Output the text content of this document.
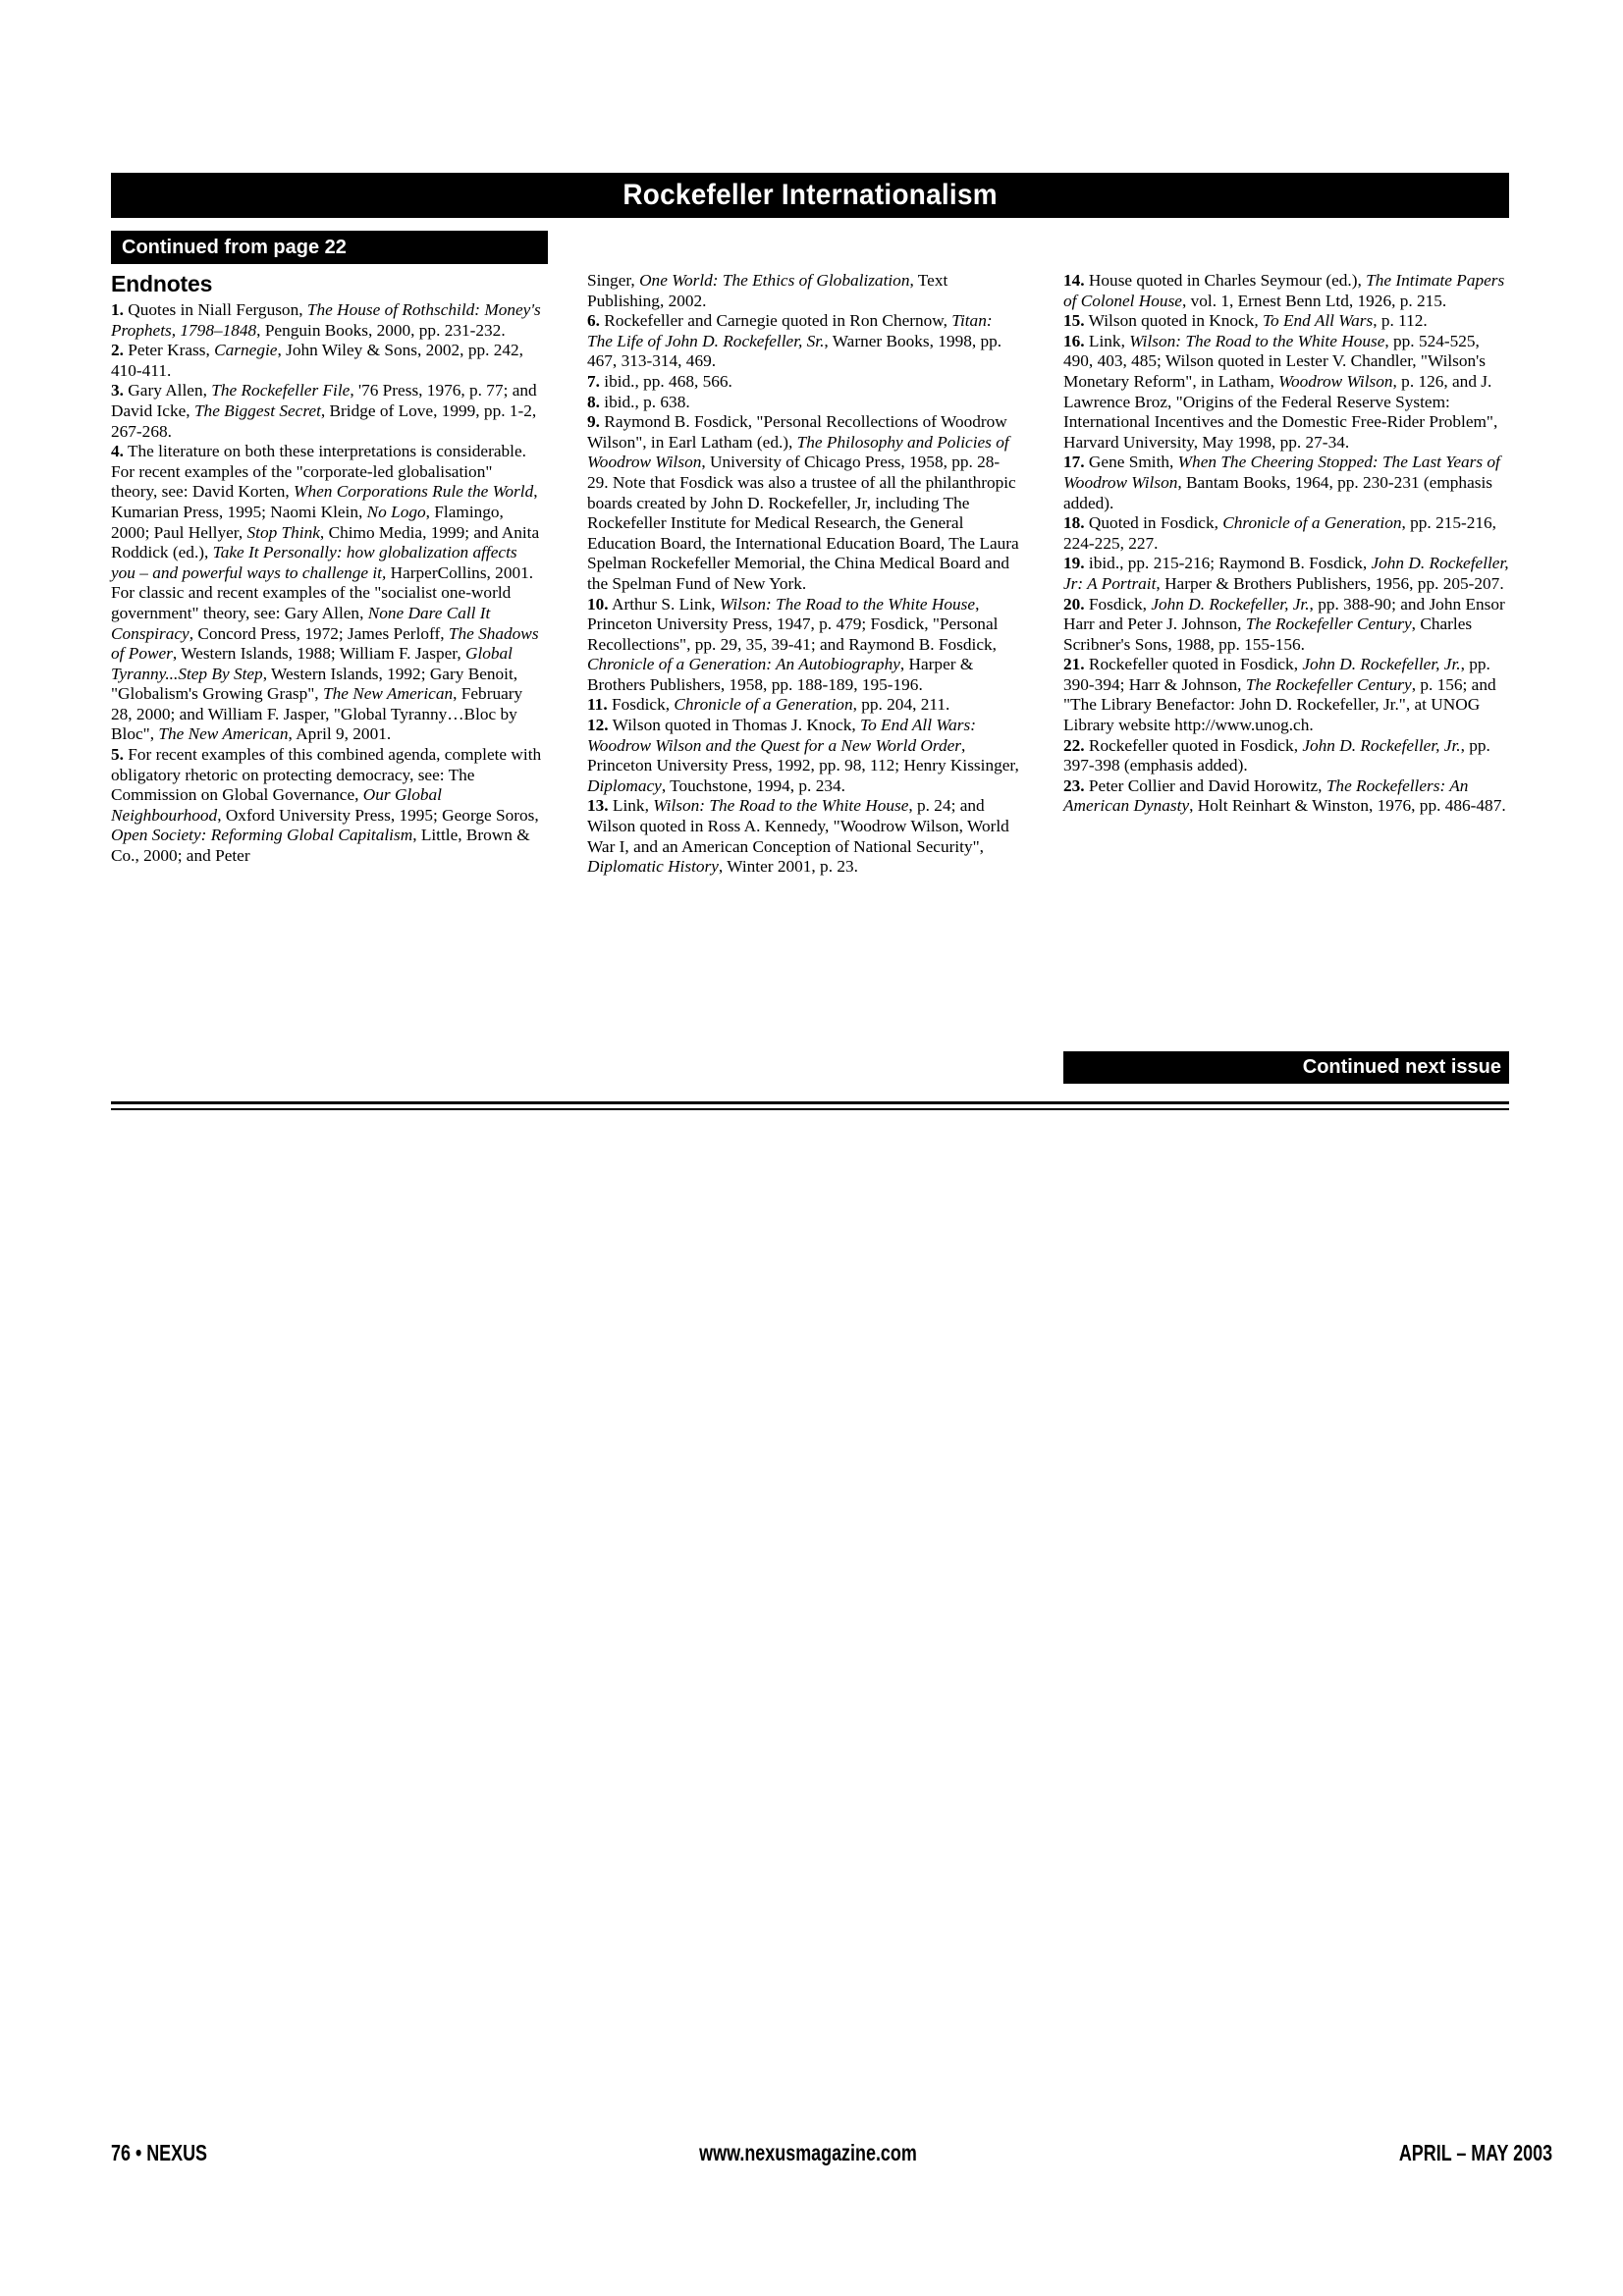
Rockefeller Internationalism
Continued from page 22
Endnotes
1. Quotes in Niall Ferguson, The House of Rothschild: Money's Prophets, 1798–1848, Penguin Books, 2000, pp. 231-232.
2. Peter Krass, Carnegie, John Wiley & Sons, 2002, pp. 242, 410-411.
3. Gary Allen, The Rockefeller File, '76 Press, 1976, p. 77; and David Icke, The Biggest Secret, Bridge of Love, 1999, pp. 1-2, 267-268.
4. The literature on both these interpretations is considerable. For recent examples of the "corporate-led globalisation" theory, see: David Korten, When Corporations Rule the World, Kumarian Press, 1995; Naomi Klein, No Logo, Flamingo, 2000; Paul Hellyer, Stop Think, Chimo Media, 1999; and Anita Roddick (ed.), Take It Personally: how globalization affects you – and powerful ways to challenge it, HarperCollins, 2001. For classic and recent examples of the "socialist one-world government" theory, see: Gary Allen, None Dare Call It Conspiracy, Concord Press, 1972; James Perloff, The Shadows of Power, Western Islands, 1988; William F. Jasper, Global Tyranny...Step By Step, Western Islands, 1992; Gary Benoit, "Globalism's Growing Grasp", The New American, February 28, 2000; and William F. Jasper, "Global Tyranny…Bloc by Bloc", The New American, April 9, 2001.
5. For recent examples of this combined agenda, complete with obligatory rhetoric on protecting democracy, see: The Commission on Global Governance, Our Global Neighbourhood, Oxford University Press, 1995; George Soros, Open Society: Reforming Global Capitalism, Little, Brown & Co., 2000; and Peter
Singer, One World: The Ethics of Globalization, Text Publishing, 2002.
6. Rockefeller and Carnegie quoted in Ron Chernow, Titan: The Life of John D. Rockefeller, Sr., Warner Books, 1998, pp. 467, 313-314, 469.
7. ibid., pp. 468, 566.
8. ibid., p. 638.
9. Raymond B. Fosdick, "Personal Recollections of Woodrow Wilson", in Earl Latham (ed.), The Philosophy and Policies of Woodrow Wilson, University of Chicago Press, 1958, pp. 28-29. Note that Fosdick was also a trustee of all the philanthropic boards created by John D. Rockefeller, Jr, including The Rockefeller Institute for Medical Research, the General Education Board, the International Education Board, The Laura Spelman Rockefeller Memorial, the China Medical Board and the Spelman Fund of New York.
10. Arthur S. Link, Wilson: The Road to the White House, Princeton University Press, 1947, p. 479; Fosdick, "Personal Recollections", pp. 29, 35, 39-41; and Raymond B. Fosdick, Chronicle of a Generation: An Autobiography, Harper & Brothers Publishers, 1958, pp. 188-189, 195-196.
11. Fosdick, Chronicle of a Generation, pp. 204, 211.
12. Wilson quoted in Thomas J. Knock, To End All Wars: Woodrow Wilson and the Quest for a New World Order, Princeton University Press, 1992, pp. 98, 112; Henry Kissinger, Diplomacy, Touchstone, 1994, p. 234.
13. Link, Wilson: The Road to the White House, p. 24; and Wilson quoted in Ross A. Kennedy, "Woodrow Wilson, World War I, and an American Conception of National Security", Diplomatic History, Winter 2001, p. 23.
14. House quoted in Charles Seymour (ed.), The Intimate Papers of Colonel House, vol. 1, Ernest Benn Ltd, 1926, p. 215.
15. Wilson quoted in Knock, To End All Wars, p. 112.
16. Link, Wilson: The Road to the White House, pp. 524-525, 490, 403, 485; Wilson quoted in Lester V. Chandler, "Wilson's Monetary Reform", in Latham, Woodrow Wilson, p. 126, and J. Lawrence Broz, "Origins of the Federal Reserve System: International Incentives and the Domestic Free-Rider Problem", Harvard University, May 1998, pp. 27-34.
17. Gene Smith, When The Cheering Stopped: The Last Years of Woodrow Wilson, Bantam Books, 1964, pp. 230-231 (emphasis added).
18. Quoted in Fosdick, Chronicle of a Generation, pp. 215-216, 224-225, 227.
19. ibid., pp. 215-216; Raymond B. Fosdick, John D. Rockefeller, Jr: A Portrait, Harper & Brothers Publishers, 1956, pp. 205-207.
20. Fosdick, John D. Rockefeller, Jr., pp. 388-90; and John Ensor Harr and Peter J. Johnson, The Rockefeller Century, Charles Scribner's Sons, 1988, pp. 155-156.
21. Rockefeller quoted in Fosdick, John D. Rockefeller, Jr., pp. 390-394; Harr & Johnson, The Rockefeller Century, p. 156; and "The Library Benefactor: John D. Rockefeller, Jr.", at UNOG Library website http://www.unog.ch.
22. Rockefeller quoted in Fosdick, John D. Rockefeller, Jr., pp. 397-398 (emphasis added).
23. Peter Collier and David Horowitz, The Rockefellers: An American Dynasty, Holt Reinhart & Winston, 1976, pp. 486-487.
Continued next issue
76 • NEXUS	www.nexusmagazine.com	APRIL – MAY 2003
